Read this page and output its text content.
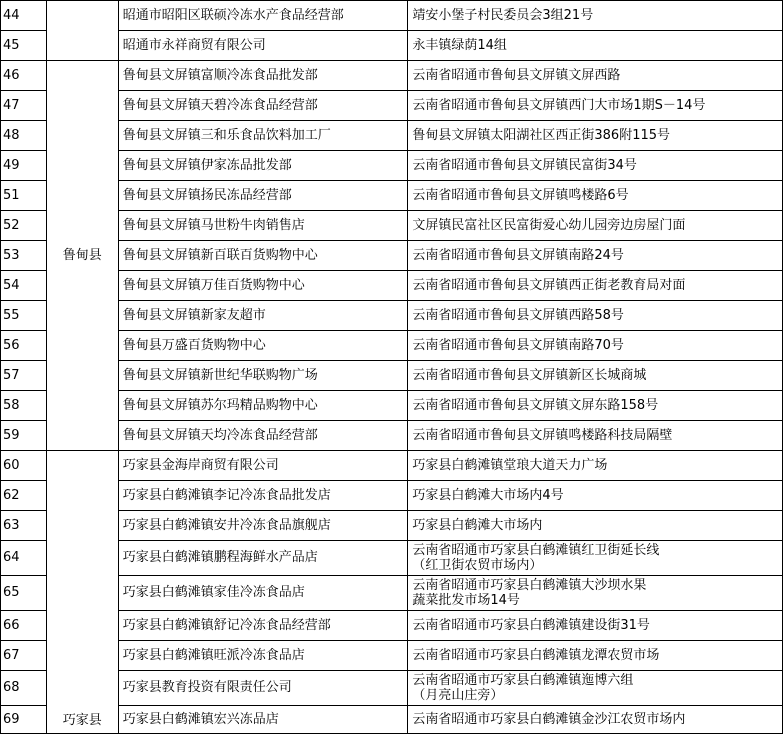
44		昭通市昭阳区联硕冷冻水产食品经营部	靖安小堡子村民委员会3组21号
45		昭通市永祥商贸有限公司	永丰镇绿荫14组
46	鲁甸县	鲁甸县文屏镇富顺冷冻食品批发部	云南省昭通市鲁甸县文屏镇文屏西路
47		鲁甸县文屏镇天碧冷冻食品经营部	云南省昭通市鲁甸县文屏镇西门大市场1期S－14号
48		鲁甸县文屏镇三和乐食品饮料加工厂	鲁甸县文屏镇太阳湖社区西正街386附115号
49		鲁甸县文屏镇伊家冻品批发部	云南省昭通市鲁甸县文屏镇民富街34号
51		鲁甸县文屏镇扬民冻品经营部	云南省昭通市鲁甸县文屏镇鸣楼路6号
52		鲁甸县文屏镇马世粉牛肉销售店	文屏镇民富社区民富街爱心幼儿园旁边房屋门面
53		鲁甸县文屏镇新百联百货购物中心	云南省昭通市鲁甸县文屏镇南路24号
54		鲁甸县文屏镇万佳百货购物中心	云南省昭通市鲁甸县文屏镇西正街老教育局对面
55		鲁甸县文屏镇新家友超市	云南省昭通市鲁甸县文屏镇西路58号
56		鲁甸县万盛百货购物中心	云南省昭通市鲁甸县文屏镇南路70号
57		鲁甸县文屏镇新世纪华联购物广场	云南省昭通市鲁甸县文屏镇新区长城商城
58		鲁甸县文屏镇苏尔玛精品购物中心	云南省昭通市鲁甸县文屏镇文屏东路158号
59		鲁甸县文屏镇天均冷冻食品经营部	云南省昭通市鲁甸县文屏镇鸣楼路科技局隔壁
60	巧家县	巧家县金海岸商贸有限公司	巧家县白鹤滩镇堂琅大道天力广场
62		巧家县白鹤滩镇李记冷冻食品批发店	巧家县白鹤滩大市场内4号
63		巧家县白鹤滩镇安井冷冻食品旗舰店	巧家县白鹤滩大市场内
64		巧家县白鹤滩镇鹏程海鲜水产品店	云南省昭通市巧家县白鹤滩镇红卫街延长线
（红卫街农贸市场内）

65		巧家县白鹤滩镇家佳冷冻食品店	云南省昭通市巧家县白鹤滩镇大沙坝水果
蔬菜批发市场14号

66		巧家县白鹤滩镇舒记冷冻食品经营部	云南省昭通市巧家县白鹤滩镇建设街31号
67		巧家县白鹤滩镇旺派冷冻食品店	云南省昭通市巧家县白鹤滩镇龙潭农贸市场
68		巧家县教育投资有限责任公司	云南省昭通市巧家县白鹤滩镇迤博六组
（月亮山庄旁）

69		巧家县白鹤滩镇宏兴冻品店	云南省昭通市巧家县白鹤滩镇金沙江农贸市场内
